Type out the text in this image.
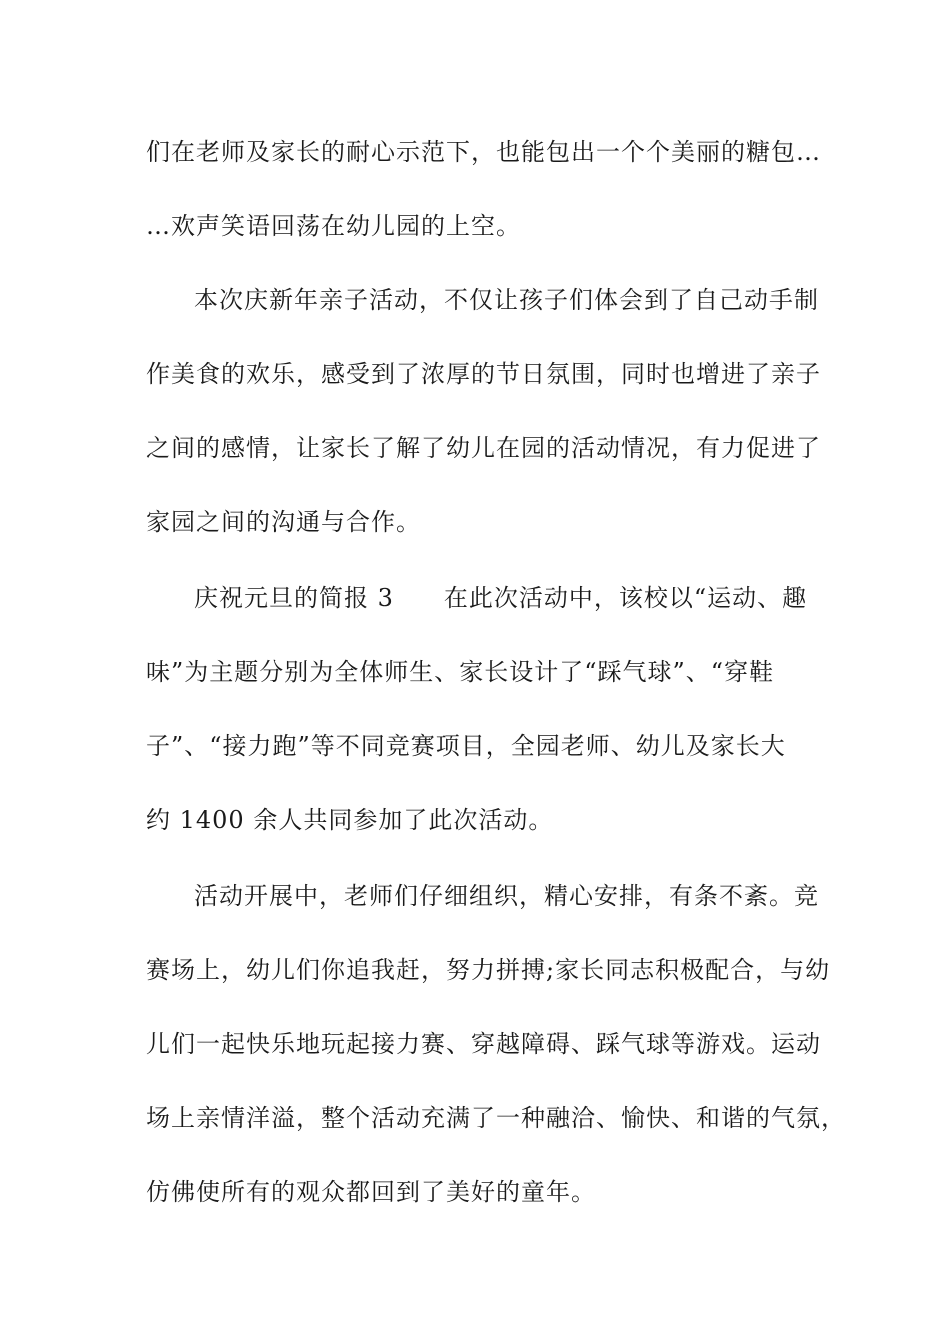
们在老师及家长的耐心示范下，也能包出一个个美丽的糖包…
…欢声笑语回荡在幼儿园的上空。
本次庆新年亲子活动，不仅让孩子们体会到了自己动手制
作美食的欢乐，感受到了浓厚的节日氛围，同时也增进了亲子
之间的感情，让家长了解了幼儿在园的活动情况，有力促进了
家园之间的沟通与合作。
庆祝元旦的简报 3　　在此次活动中，该校以“运动、趣
味”为主题分别为全体师生、家长设计了“踩气球”、“穿鞋
子”、“接力跑”等不同竞赛项目，全园老师、幼儿及家长大
约 1400 余人共同参加了此次活动。
活动开展中，老师们仔细组织，精心安排，有条不紊。竞
赛场上，幼儿们你追我赶，努力拼搏;家长同志积极配合，与幼
儿们一起快乐地玩起接力赛、穿越障碍、踩气球等游戏。运动
场上亲情洋溢，整个活动充满了一种融洽、愉快、和谐的气氛，
仿佛使所有的观众都回到了美好的童年。
